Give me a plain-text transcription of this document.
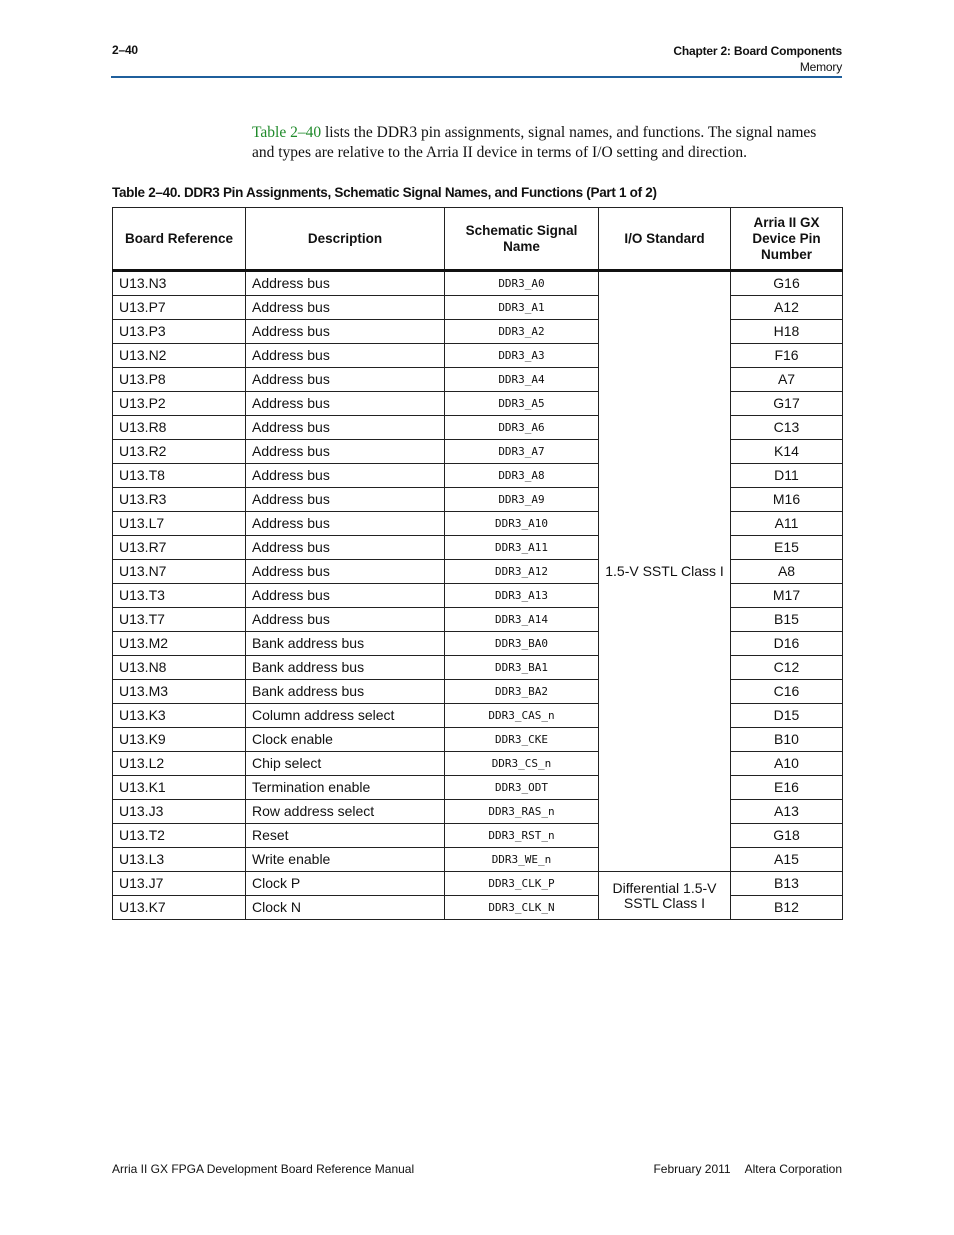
2–40	Chapter 2: Board Components
Memory

Table 2–40 lists the DDR3 pin assignments, signal names, and functions. The signal names and types are relative to the Arria II device in terms of I/O setting and direction.

Table 2–40. DDR3 Pin Assignments, Schematic Signal Names, and Functions (Part 1 of 2)
Board Reference	Description	Schematic Signal Name	I/O Standard	Arria II GX Device Pin Number
U13.N3	Address bus	DDR3_A0	1.5-V SSTL Class I	G16
U13.P7	Address bus	DDR3_A1		A12
U13.P3	Address bus	DDR3_A2		H18
U13.N2	Address bus	DDR3_A3		F16
U13.P8	Address bus	DDR3_A4		A7
U13.P2	Address bus	DDR3_A5		G17
U13.R8	Address bus	DDR3_A6		C13
U13.R2	Address bus	DDR3_A7		K14
U13.T8	Address bus	DDR3_A8		D11
U13.R3	Address bus	DDR3_A9		M16
U13.L7	Address bus	DDR3_A10		A11
U13.R7	Address bus	DDR3_A11		E15
U13.N7	Address bus	DDR3_A12		A8
U13.T3	Address bus	DDR3_A13		M17
U13.T7	Address bus	DDR3_A14		B15
U13.M2	Bank address bus	DDR3_BA0		D16
U13.N8	Bank address bus	DDR3_BA1		C12
U13.M3	Bank address bus	DDR3_BA2		C16
U13.K3	Column address select	DDR3_CAS_n		D15
U13.K9	Clock enable	DDR3_CKE		B10
U13.L2	Chip select	DDR3_CS_n		A10
U13.K1	Termination enable	DDR3_ODT		E16
U13.J3	Row address select	DDR3_RAS_n		A13
U13.T2	Reset	DDR3_RST_n		G18
U13.L3	Write enable	DDR3_WE_n		A15
U13.J7	Clock P	DDR3_CLK_P	Differential 1.5-V SSTL Class I	B13
U13.K7	Clock N	DDR3_CLK_N		B12
Arria II GX FPGA Development Board Reference Manual	February 2011 Altera Corporation
